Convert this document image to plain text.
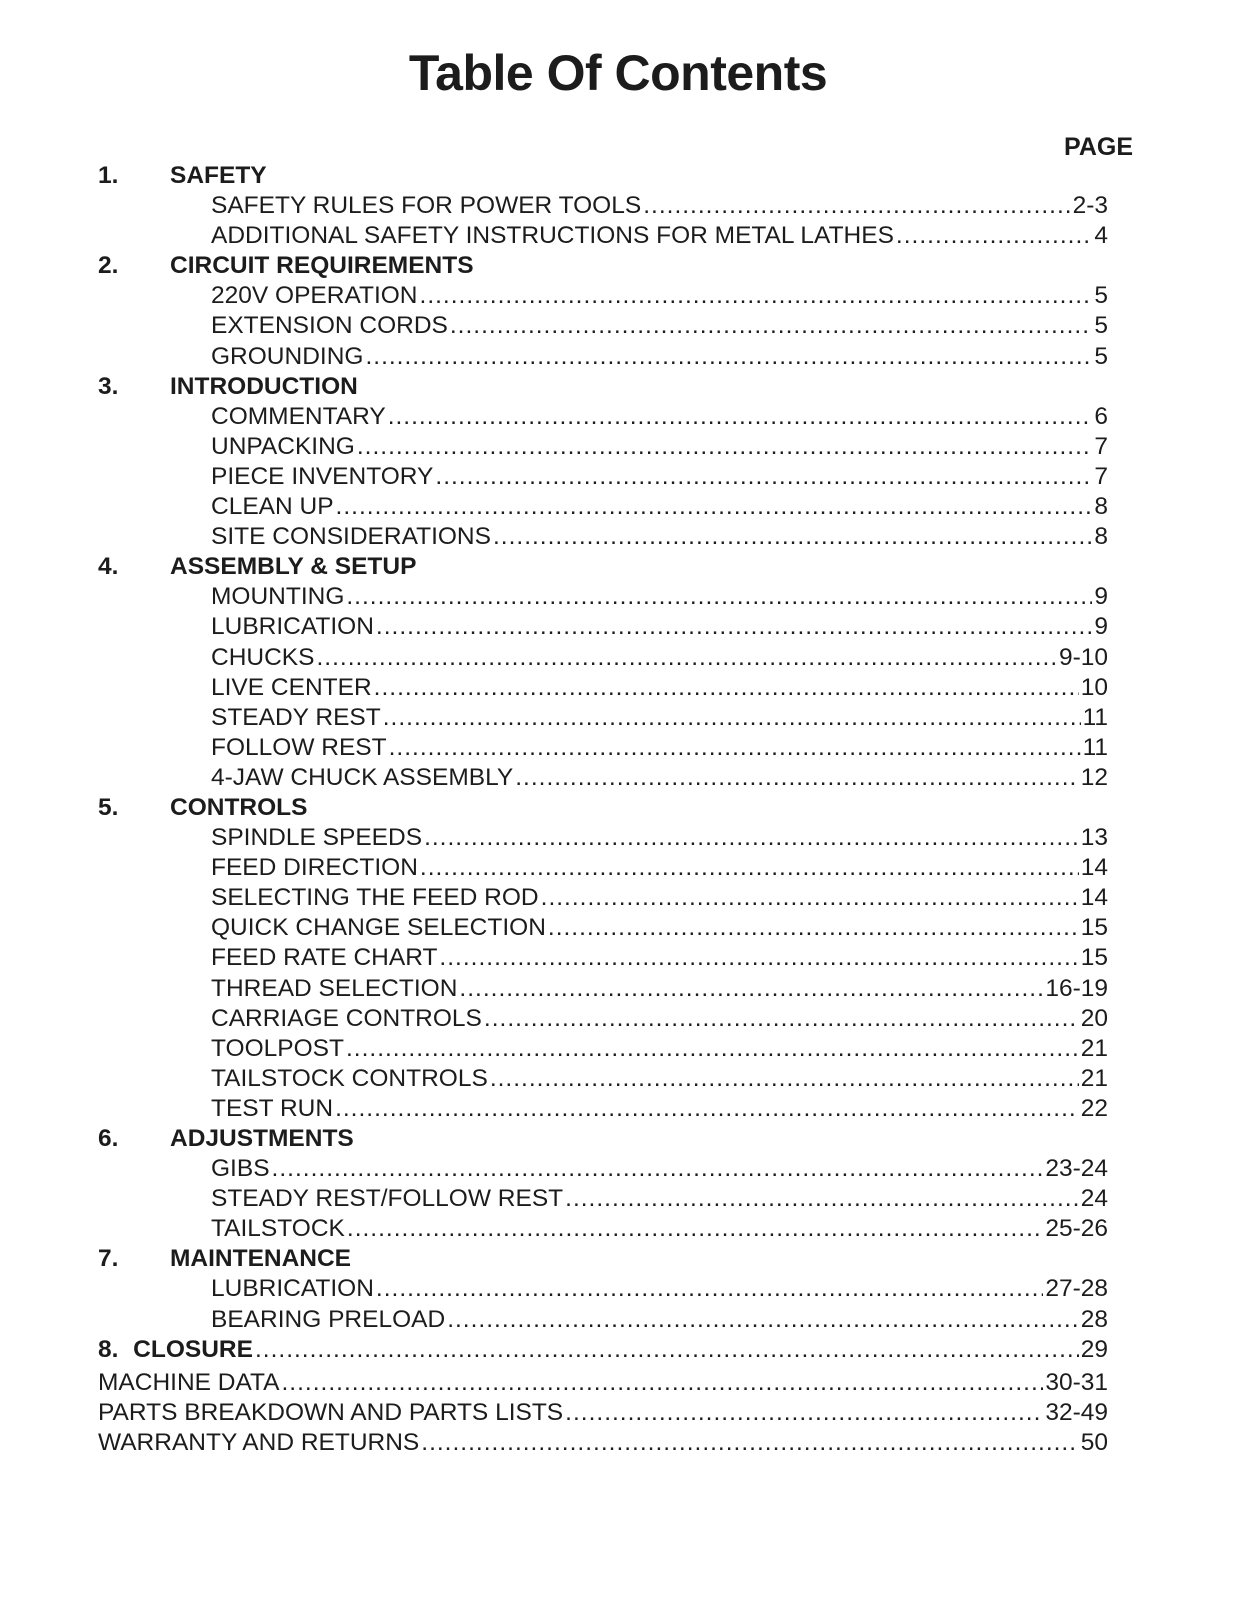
Table Of Contents
PAGE
1. SAFETY
SAFETY RULES FOR POWER TOOLS .....	2-3
ADDITIONAL SAFETY INSTRUCTIONS FOR METAL LATHES .....	4
2. CIRCUIT REQUIREMENTS
220V OPERATION .....	5
EXTENSION CORDS .....	5
GROUNDING .....	5
3. INTRODUCTION
COMMENTARY .....	6
UNPACKING .....	7
PIECE INVENTORY .....	7
CLEAN UP .....	8
SITE CONSIDERATIONS .....	8
4. ASSEMBLY & SETUP
MOUNTING .....	9
LUBRICATION .....	9
CHUCKS .....	9-10
LIVE CENTER .....	10
STEADY REST .....	11
FOLLOW REST .....	11
4-JAW CHUCK ASSEMBLY .....	12
5. CONTROLS
SPINDLE SPEEDS .....	13
FEED DIRECTION .....	14
SELECTING THE FEED ROD .....	14
QUICK CHANGE SELECTION .....	15
FEED RATE CHART .....	15
THREAD SELECTION .....	16-19
CARRIAGE CONTROLS .....	20
TOOLPOST .....	21
TAILSTOCK CONTROLS .....	21
TEST RUN .....	22
6. ADJUSTMENTS
GIBS .....	23-24
STEADY REST/FOLLOW REST .....	24
TAILSTOCK .....	25-26
7. MAINTENANCE
LUBRICATION .....	27-28
BEARING PRELOAD .....	28
8. CLOSURE .....	29
MACHINE DATA .....	30-31
PARTS BREAKDOWN AND PARTS LISTS .....	32-49
WARRANTY AND RETURNS .....	50
